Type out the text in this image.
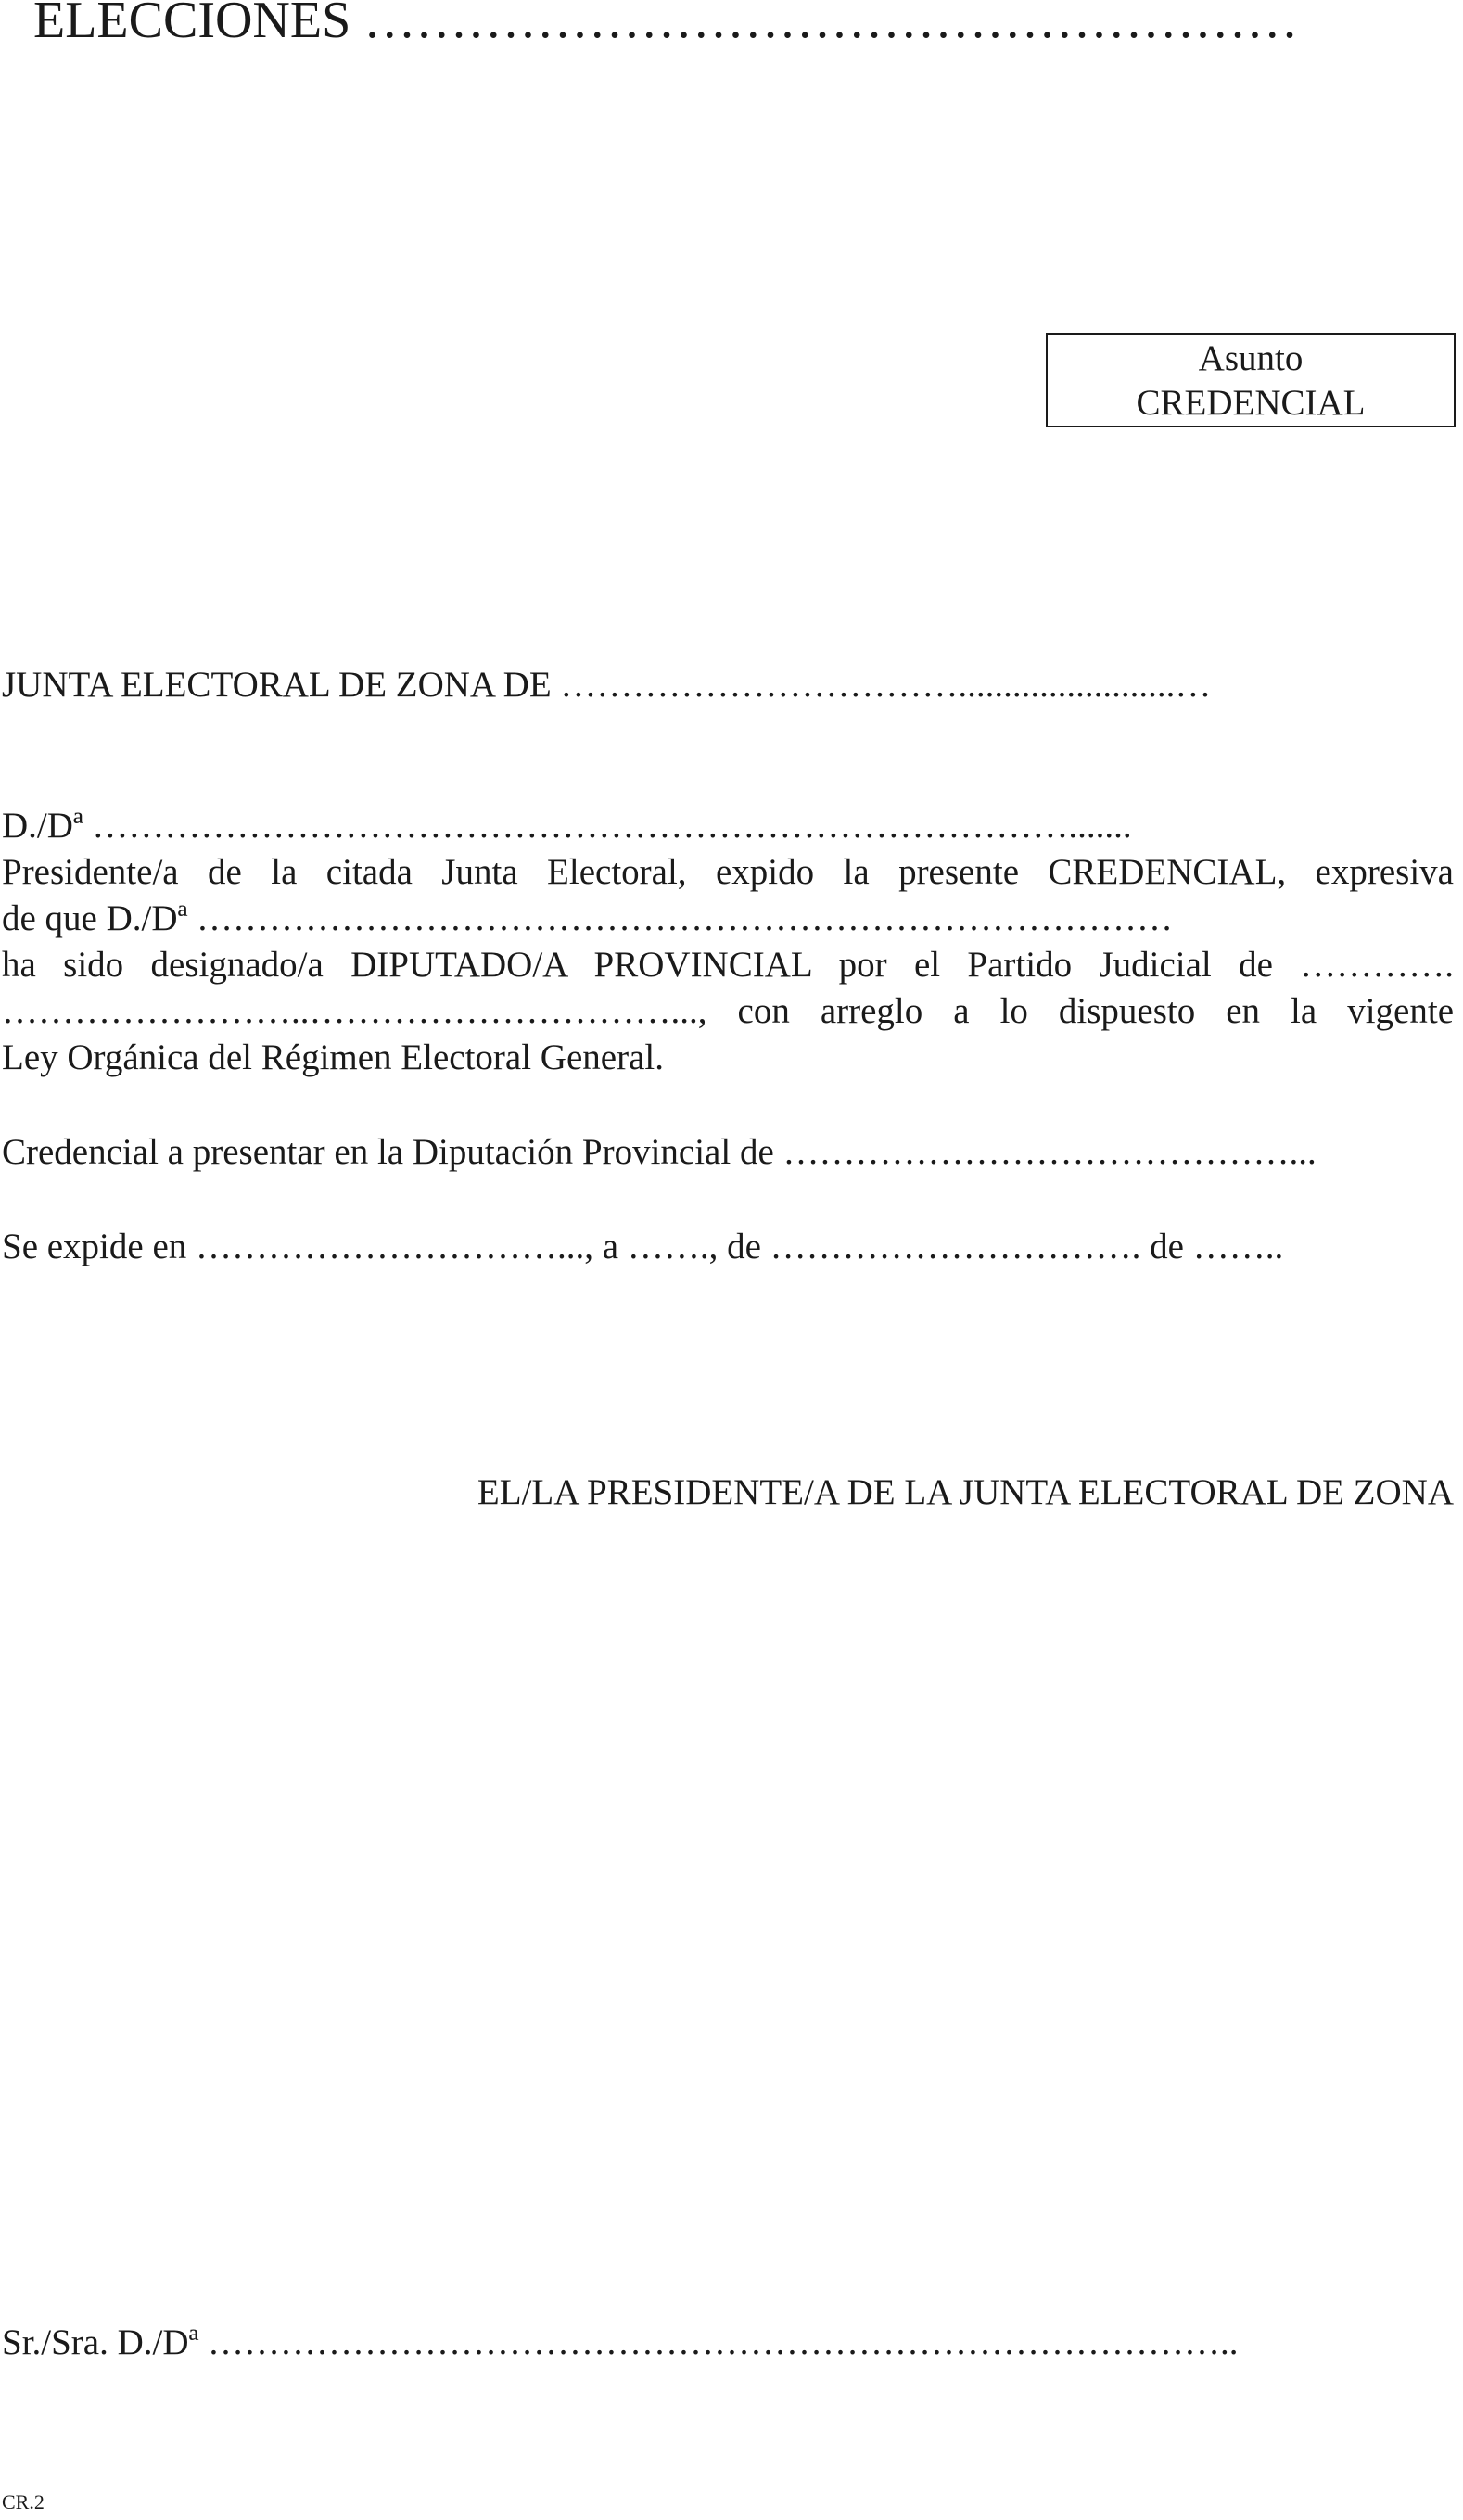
ELECCIONES ………………………………………………
Asunto
CREDENCIAL
JUNTA ELECTORAL DE ZONA DE ……………………………........................…
D./Dª ……………………………………………………………………….......
Presidente/a de la citada Junta Electoral, expido la presente CREDENCIAL, expresiva
de que D./Dª ………………………………………………………………………
ha sido designado/a DIPUTADO/A PROVINCIAL por el Partido Judicial de ………….
……………………..…………………………..., con arreglo a lo dispuesto en la vigente
Ley Orgánica del Régimen Electoral General.
Credencial a presentar en la Diputación Provincial de ……………………………………...
Se expide en …………………………..., a ……., de …………………………. de ……..
EL/LA PRESIDENTE/A DE LA JUNTA ELECTORAL DE ZONA
Sr./Sra. D./Dª …………………………………………………………………………..
CR.2
